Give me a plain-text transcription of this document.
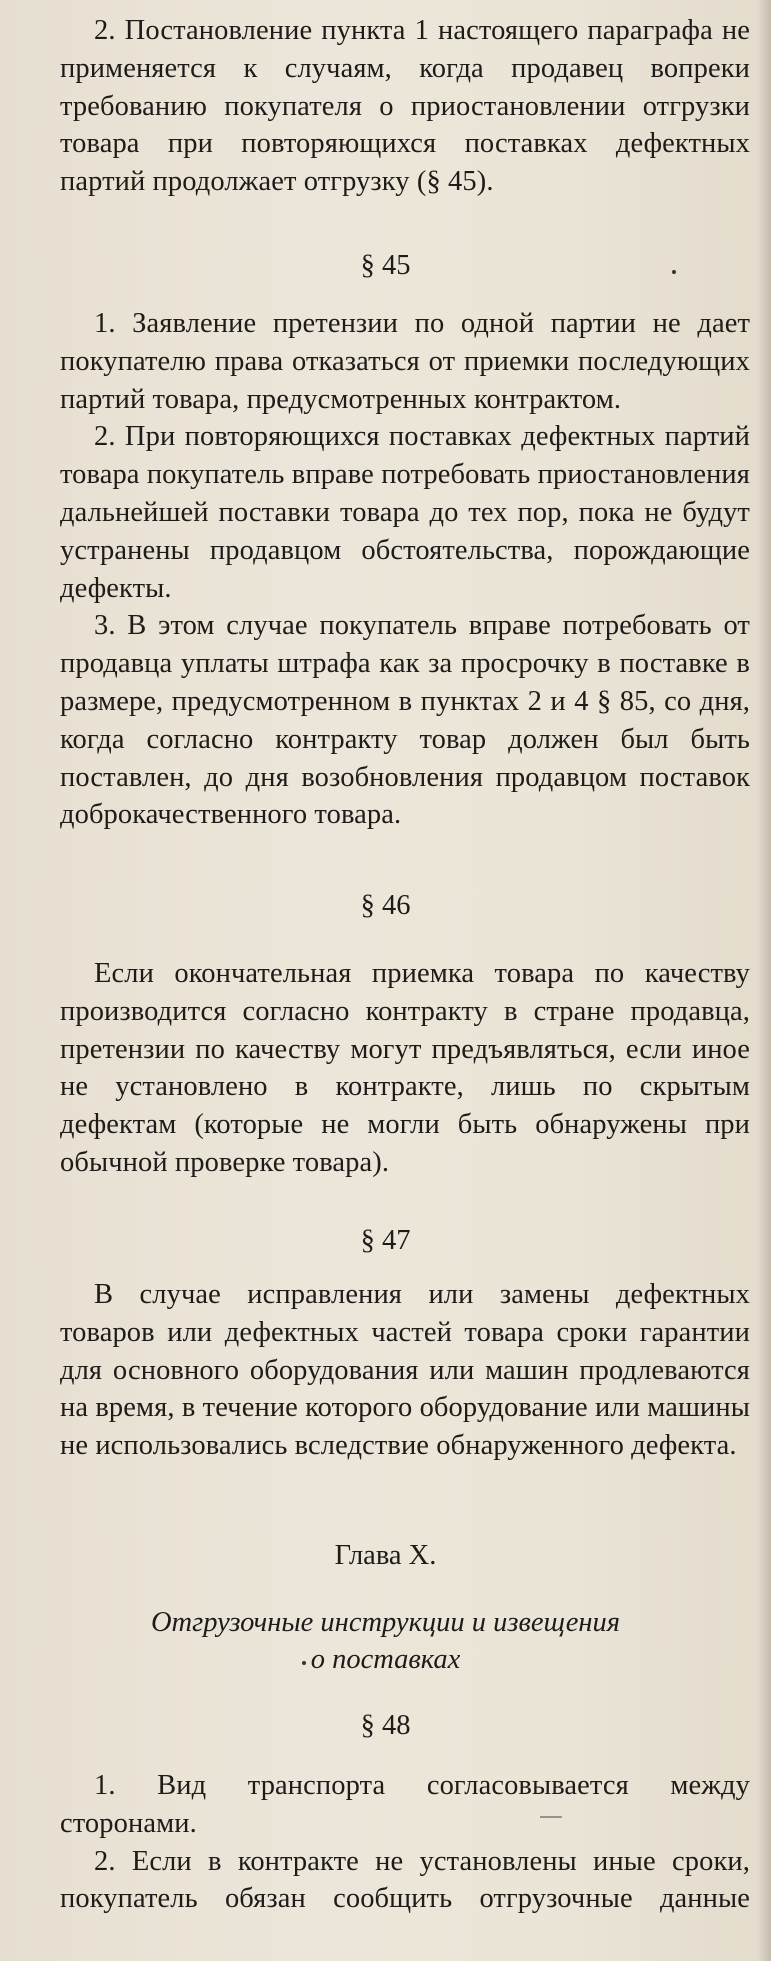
2. Постановление пункта 1 настоящего параграфа не применяется к случаям, когда продавец вопреки требованию покупателя о приостановлении отгрузки товара при повторяющихся поставках дефектных партий продолжает отгрузку (§ 45).

§ 45

1. Заявление претензии по одной партии не дает покупателю права отказаться от приемки последующих партий товара, предусмотренных контрактом.

2. При повторяющихся поставках дефектных партий товара покупатель вправе потребовать приостановления дальнейшей поставки товара до тех пор, пока не будут устранены продавцом обстоятельства, порождающие дефекты.

3. В этом случае покупатель вправе потребовать от продавца уплаты штрафа как за просрочку в поставке в размере, предусмотренном в пунктах 2 и 4 § 85, со дня, когда согласно контракту товар должен был быть поставлен, до дня возобновления продавцом поставок доброкачественного товара.

§ 46

Если окончательная приемка товара по качеству производится согласно контракту в стране продавца, претензии по качеству могут предъявляться, если иное не установлено в контракте, лишь по скрытым дефектам (которые не могли быть обнаружены при обычной проверке товара).

§ 47

В случае исправления или замены дефектных товаров или дефектных частей товара сроки гарантии для основного оборудования или машин продлеваются на время, в течение которого оборудование или машины не использовались вследствие обнаруженного дефекта.

Глава X.
Отгрузочные инструкции и извещения
о поставках
§ 48

1. Вид транспорта согласовывается между сторонами.

2. Если в контракте не установлены иные сроки, покупатель обязан сообщить отгрузочные данные
